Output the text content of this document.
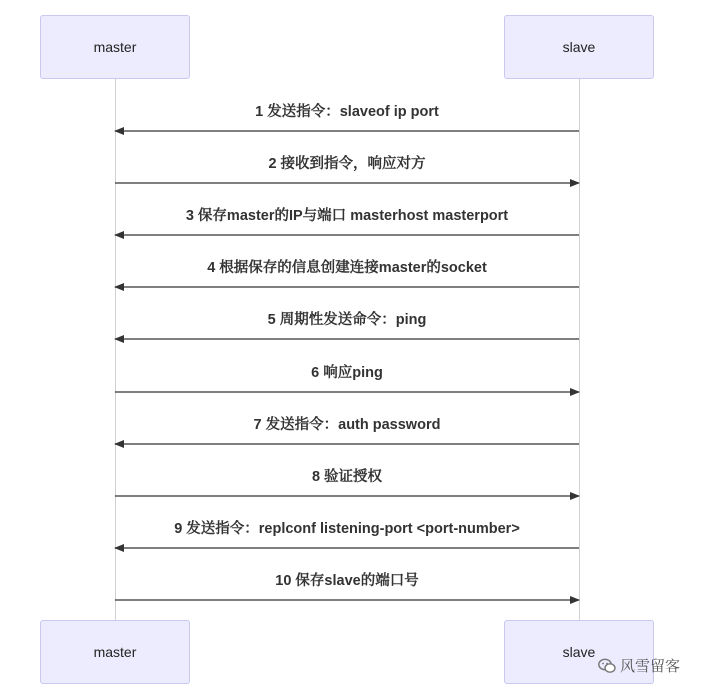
master	slave
1 发送指令：slaveof ip port
2 接收到指令，响应对方
3 保存master的IP与端口 masterhost masterport
4 根据保存的信息创建连接master的socket
5 周期性发送命令：ping
6 响应ping
7 发送指令：auth password
8 验证授权
9 发送指令：replconf listening-port <port-number>
10 保存slave的端口号
master	slave
风雪留客
